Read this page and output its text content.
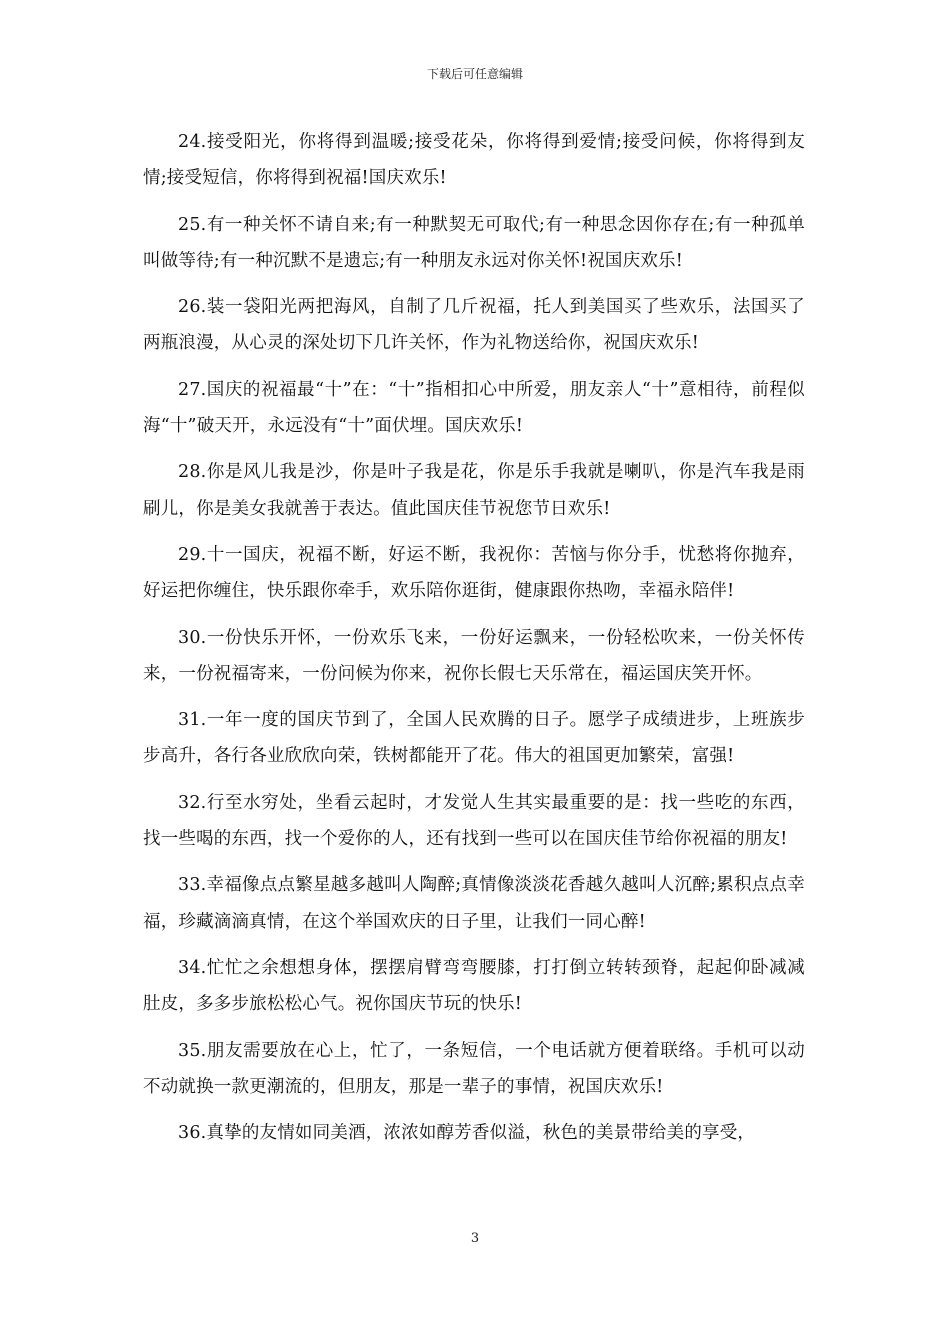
下载后可任意编辑

24.接受阳光，你将得到温暖;接受花朵，你将得到爱情;接受问候，你将得到友情;接受短信，你将得到祝福!国庆欢乐!

25.有一种关怀不请自来;有一种默契无可取代;有一种思念因你存在;有一种孤单叫做等待;有一种沉默不是遗忘;有一种朋友永远对你关怀!祝国庆欢乐!

26.装一袋阳光两把海风，自制了几斤祝福，托人到美国买了些欢乐，法国买了两瓶浪漫，从心灵的深处切下几许关怀，作为礼物送给你，祝国庆欢乐!

27.国庆的祝福最“十”在：“十”指相扣心中所爱，朋友亲人“十”意相待，前程似海“十”破天开，永远没有“十”面伏埋。国庆欢乐!

28.你是风儿我是沙，你是叶子我是花，你是乐手我就是喇叭，你是汽车我是雨刷儿，你是美女我就善于表达。值此国庆佳节祝您节日欢乐!

29.十一国庆，祝福不断，好运不断，我祝你：苦恼与你分手，忧愁将你抛弃，好运把你缠住，快乐跟你牵手，欢乐陪你逛街，健康跟你热吻，幸福永陪伴!

30.一份快乐开怀，一份欢乐飞来，一份好运飘来，一份轻松吹来，一份关怀传来，一份祝福寄来，一份问候为你来，祝你长假七天乐常在，福运国庆笑开怀。

31.一年一度的国庆节到了，全国人民欢腾的日子。愿学子成绩进步，上班族步步高升，各行各业欣欣向荣，铁树都能开了花。伟大的祖国更加繁荣，富强!

32.行至水穷处，坐看云起时，才发觉人生其实最重要的是：找一些吃的东西，找一些喝的东西，找一个爱你的人，还有找到一些可以在国庆佳节给你祝福的朋友!

33.幸福像点点繁星越多越叫人陶醉;真情像淡淡花香越久越叫人沉醉;累积点点幸福，珍藏滴滴真情，在这个举国欢庆的日子里，让我们一同心醉!

34.忙忙之余想想身体，摆摆肩臂弯弯腰膝，打打倒立转转颈脊，起起仰卧减减肚皮，多多步旅松松心气。祝你国庆节玩的快乐!

35.朋友需要放在心上，忙了，一条短信，一个电话就方便着联络。手机可以动不动就换一款更潮流的，但朋友，那是一辈子的事情，祝国庆欢乐!

36.真挚的友情如同美酒，浓浓如醇芳香似溢，秋色的美景带给美的享受，

3
